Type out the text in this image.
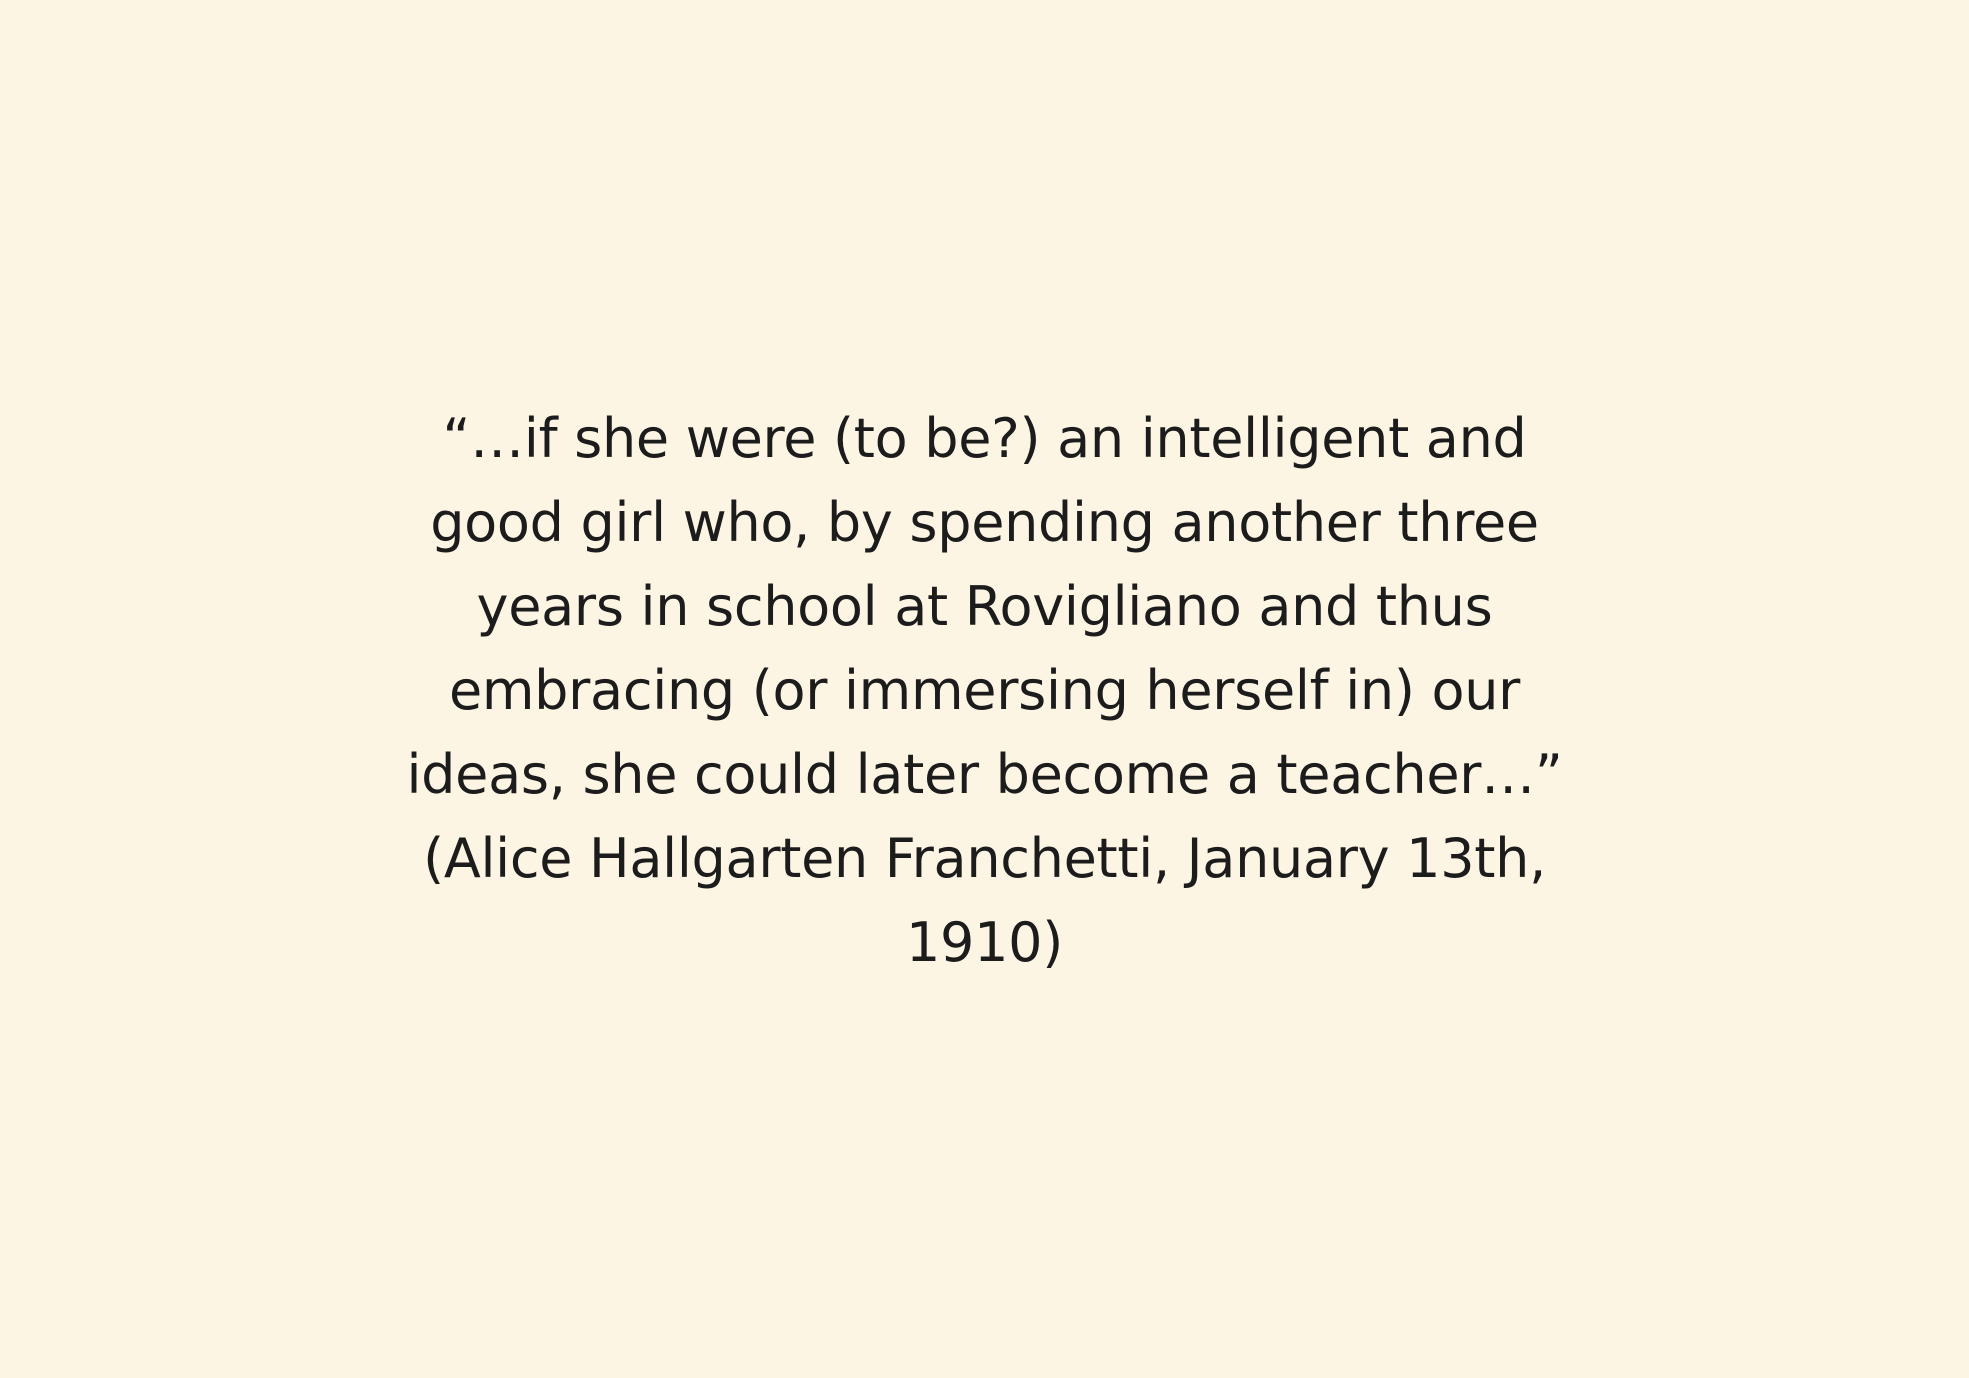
“…if she were (to be?) an intelligent and
good girl who, by spending another three
years in school at Rovigliano and thus
embracing (or immersing herself in) our
ideas, she could later become a teacher…”
(Alice Hallgarten Franchetti, January 13th,
1910)
